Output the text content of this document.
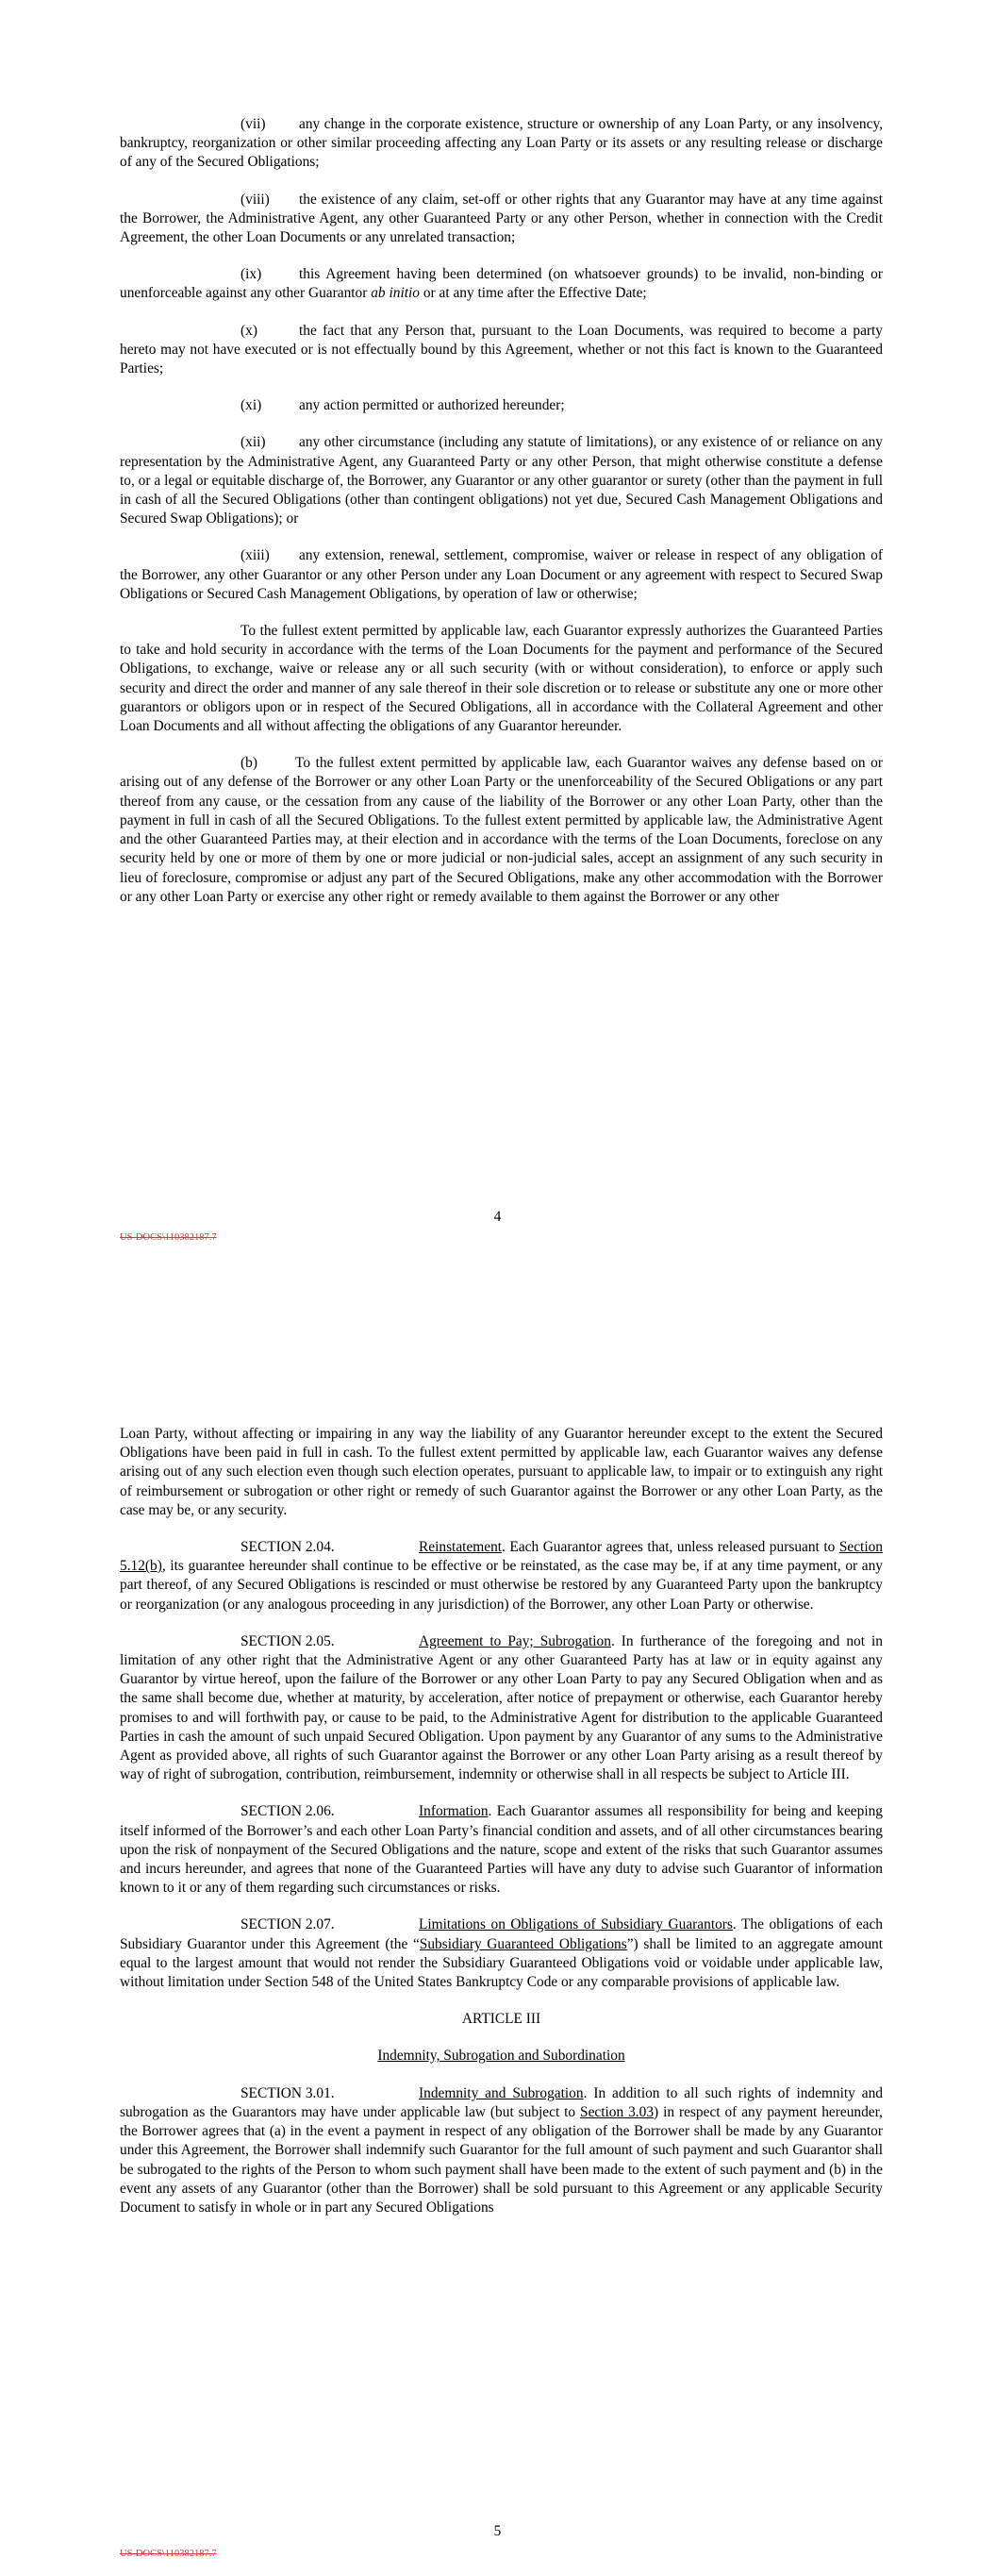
(vii) any change in the corporate existence, structure or ownership of any Loan Party, or any insolvency, bankruptcy, reorganization or other similar proceeding affecting any Loan Party or its assets or any resulting release or discharge of any of the Secured Obligations;

(viii) the existence of any claim, set-off or other rights that any Guarantor may have at any time against the Borrower, the Administrative Agent, any other Guaranteed Party or any other Person, whether in connection with the Credit Agreement, the other Loan Documents or any unrelated transaction;

(ix)	this Agreement having been determined (on whatsoever grounds) to be invalid, non-binding or unenforceable against any other Guarantor ab initio or at any time after the Effective Date;

(x)	the fact that any Person that, pursuant to the Loan Documents, was required to become a party hereto may not have executed or is not effectually bound by this Agreement, whether or not this fact is known to the Guaranteed Parties;

(xi)	any action permitted or authorized hereunder;

(xii) any other circumstance (including any statute of limitations), or any existence of or reliance on any representation by the Administrative Agent, any Guaranteed Party or any other Person, that might otherwise constitute a defense to, or a legal or equitable discharge of, the Borrower, any Guarantor or any other guarantor or surety (other than the payment in full in cash of all the Secured Obligations (other than contingent obligations) not yet due, Secured Cash Management Obligations and Secured Swap Obligations); or

(xiii) any extension, renewal, settlement, compromise, waiver or release in respect of any obligation of the Borrower, any other Guarantor or any other Person under any Loan Document or any agreement with respect to Secured Swap Obligations or Secured Cash Management Obligations, by operation of law or otherwise;

To the fullest extent permitted by applicable law, each Guarantor expressly authorizes the Guaranteed Parties to take and hold security in accordance with the terms of the Loan Documents for the payment and performance of the Secured Obligations, to exchange, waive or release any or all such security (with or without consideration), to enforce or apply such security and direct the order and manner of any sale thereof in their sole discretion or to release or substitute any one or more other guarantors or obligors upon or in respect of the Secured Obligations, all in accordance with the Collateral Agreement and other Loan Documents and all without affecting the obligations of any Guarantor hereunder.

(b)	To the fullest extent permitted by applicable law, each Guarantor waives any defense based on or arising out of any defense of the Borrower or any other Loan Party or the unenforceability of the Secured Obligations or any part thereof from any cause, or the cessation from any cause of the liability of the Borrower or any other Loan Party, other than the payment in full in cash of all the Secured Obligations. To the fullest extent permitted by applicable law, the Administrative Agent and the other Guaranteed Parties may, at their election and in accordance with the terms of the Loan Documents, foreclose on any security held by one or more of them by one or more judicial or non-judicial sales, accept an assignment of any such security in lieu of foreclosure, compromise or adjust any part of the Secured Obligations, make any other accommodation with the Borrower or any other Loan Party or exercise any other right or remedy available to them against the Borrower or any other

4
US-DOCS\110382187.7

Loan Party, without affecting or impairing in any way the liability of any Guarantor hereunder except to the extent the Secured Obligations have been paid in full in cash. To the fullest extent permitted by applicable law, each Guarantor waives any defense arising out of any such election even though such election operates, pursuant to applicable law, to impair or to extinguish any right of reimbursement or subrogation or other right or remedy of such Guarantor against the Borrower or any other Loan Party, as the case may be, or any security.

SECTION 2.04.	Reinstatement. Each Guarantor agrees that, unless released pursuant to Section 5.12(b), its guarantee hereunder shall continue to be effective or be reinstated, as the case may be, if at any time payment, or any part thereof, of any Secured Obligations is rescinded or must otherwise be restored by any Guaranteed Party upon the bankruptcy or reorganization (or any analogous proceeding in any jurisdiction) of the Borrower, any other Loan Party or otherwise.

SECTION 2.05.	Agreement to Pay; Subrogation. In furtherance of the foregoing and not in limitation of any other right that the Administrative Agent or any other Guaranteed Party has at law or in equity against any Guarantor by virtue hereof, upon the failure of the Borrower or any other Loan Party to pay any Secured Obligation when and as the same shall become due, whether at maturity, by acceleration, after notice of prepayment or otherwise, each Guarantor hereby promises to and will forthwith pay, or cause to be paid, to the Administrative Agent for distribution to the applicable Guaranteed Parties in cash the amount of such unpaid Secured Obligation. Upon payment by any Guarantor of any sums to the Administrative Agent as provided above, all rights of such Guarantor against the Borrower or any other Loan Party arising as a result thereof by way of right of subrogation, contribution, reimbursement, indemnity or otherwise shall in all respects be subject to Article III.

SECTION 2.06.	Information. Each Guarantor assumes all responsibility for being and keeping itself informed of the Borrower’s and each other Loan Party’s financial condition and assets, and of all other circumstances bearing upon the risk of nonpayment of the Secured Obligations and the nature, scope and extent of the risks that such Guarantor assumes and incurs hereunder, and agrees that none of the Guaranteed Parties will have any duty to advise such Guarantor of information known to it or any of them regarding such circumstances or risks.

SECTION 2.07.	Limitations on Obligations of Subsidiary Guarantors. The obligations of each Subsidiary Guarantor under this Agreement (the “Subsidiary Guaranteed Obligations”) shall be limited to an aggregate amount equal to the largest amount that would not render the Subsidiary Guaranteed Obligations void or voidable under applicable law, without limitation under Section 548 of the United States Bankruptcy Code or any comparable provisions of applicable law.

ARTICLE III

Indemnity, Subrogation and Subordination

SECTION 3.01.	Indemnity and Subrogation. In addition to all such rights of indemnity and subrogation as the Guarantors may have under applicable law (but subject to Section 3.03) in respect of any payment hereunder, the Borrower agrees that (a) in the event a payment in respect of any obligation of the Borrower shall be made by any Guarantor under this Agreement, the Borrower shall indemnify such Guarantor for the full amount of such payment and such Guarantor shall be subrogated to the rights of the Person to whom such payment shall have been made to the extent of such payment and (b) in the event any assets of any Guarantor (other than the Borrower) shall be sold pursuant to this Agreement or any applicable Security Document to satisfy in whole or in part any Secured Obligations

5
US-DOCS\110382187.7
